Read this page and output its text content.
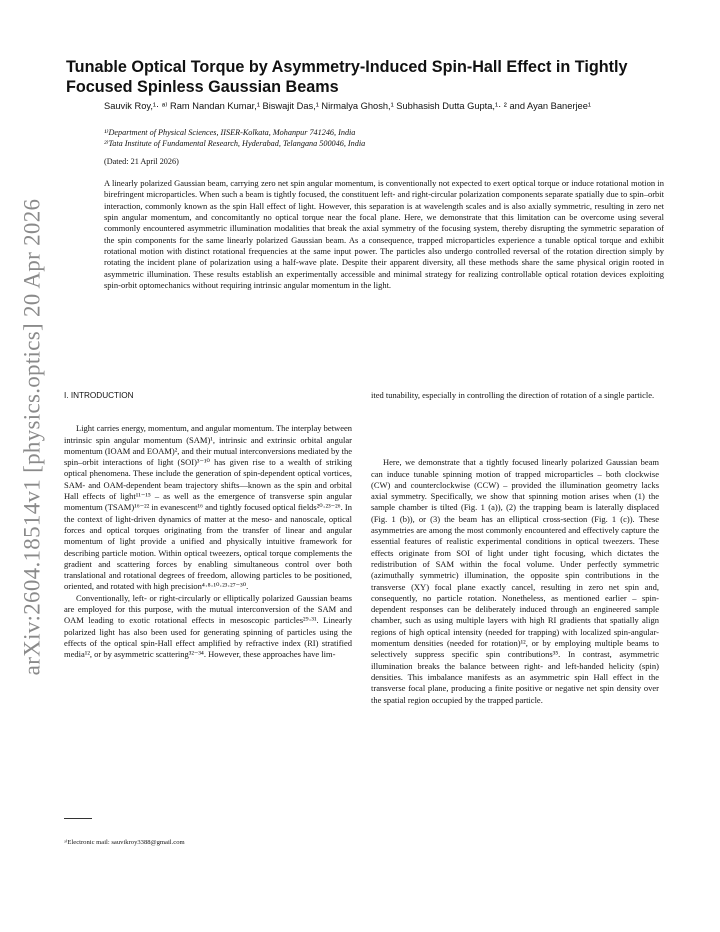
arXiv:2604.18514v1 [physics.optics] 20 Apr 2026
Tunable Optical Torque by Asymmetry-Induced Spin-Hall Effect in Tightly Focused Spinless Gaussian Beams
Sauvik Roy,¹· ᵃ⁾ Ram Nandan Kumar,¹ Biswajit Das,¹ Nirmalya Ghosh,¹ Subhasish Dutta Gupta,¹· ² and Ayan Banerjee¹
¹⁾Department of Physical Sciences, IISER-Kolkata, Mohanpur 741246, India
²⁾Tata Institute of Fundamental Research, Hyderabad, Telangana 500046, India
(Dated: 21 April 2026)

A linearly polarized Gaussian beam, carrying zero net spin angular momentum, is conventionally not expected to exert optical torque or induce rotational motion in birefringent microparticles. When such a beam is tightly focused, the constituent left- and right-circular polarization components separate spatially due to spin–orbit interaction, commonly known as the spin Hall effect of light. However, this separation is at wavelength scales and is also axially symmetric, resulting in zero net spin angular momentum, and concomitantly no optical torque near the focal plane. Here, we demonstrate that this limitation can be overcome using several commonly encountered asymmetric illumination modalities that break the axial symmetry of the focusing system, thereby disrupting the symmetric separation of the spin components for the same linearly polarized Gaussian beam. As a consequence, trapped microparticles experience a tunable optical torque and exhibit rotational motion with distinct rotational frequencies at the same input power. The particles also undergo controlled reversal of the rotation direction simply by rotating the incident plane of polarization using a half-wave plate. Despite their apparent diversity, all these methods share the same physical origin rooted in asymmetric illumination. These results establish an experimentally accessible and minimal strategy for realizing controllable optical rotation devices exploiting spin-orbit optomechanics without requiring intrinsic angular momentum in the light.

I. INTRODUCTION

Light carries energy, momentum, and angular momentum. The interplay between intrinsic spin angular momentum (SAM)¹, intrinsic and extrinsic orbital angular momentum (IOAM and EOAM)², and their mutual interconversions mediated by the spin–orbit interactions of light (SOI)³⁻¹⁰ has given rise to a wealth of striking optical phenomena. These include the generation of spin-dependent optical vortices, SAM- and OAM-dependent beam trajectory shifts—known as the spin and orbital Hall effects of light¹¹⁻¹⁵ – as well as the emergence of transverse spin angular momentum (TSAM)¹⁶⁻²² in evanescent¹⁶ and tightly focused optical fields²⁰·²³⁻²⁶. In the context of light-driven dynamics of matter at the meso- and nanoscale, optical forces and optical torques originating from the transfer of linear and angular momentum of light provide a unified and physically intuitive framework for describing particle motion. Within optical tweezers, optical torque complements the gradient and scattering forces by enabling simultaneous control over both translational and rotational degrees of freedom, allowing particles to be positioned, oriented, and rotated with high precision⁴·⁸·¹⁰·²³·²⁷⁻³⁰.

Conventionally, left- or right-circularly or elliptically polarized Gaussian beams are employed for this purpose, with the mutual interconversion of the SAM and OAM leading to exotic rotational effects in mesoscopic particles²⁹·³¹. Linearly polarized light has also been used for generating spinning of particles using the effects of the optical spin-Hall effect amplified by refractive index (RI) stratified media¹², or by asymmetric scattering³²⁻³⁴. However, these approaches have lim-

ited tunability, especially in controlling the direction of rotation of a single particle.

Here, we demonstrate that a tightly focused linearly polarized Gaussian beam can induce tunable spinning motion of trapped microparticles – both clockwise (CW) and counterclockwise (CCW) – provided the illumination geometry lacks axial symmetry. Specifically, we show that spinning motion arises when (1) the sample chamber is tilted (Fig. 1 (a)), (2) the trapping beam is laterally displaced (Fig. 1 (b)), or (3) the beam has an elliptical cross-section (Fig. 1 (c)). These asymmetries are among the most commonly encountered and effectively capture the essential features of realistic experimental conditions in optical tweezers. These effects originate from SOI of light under tight focusing, which dictates the redistribution of SAM within the focal volume. Under perfectly symmetric (azimuthally symmetric) illumination, the opposite spin contributions in the transverse (XY) focal plane exactly cancel, resulting in zero net spin and, consequently, no particle rotation. Nonetheless, as mentioned earlier – spin-dependent responses can be deliberately induced through an engineered sample chamber, such as using multiple layers with high RI gradients that spatially align regions of high optical intensity (needed for trapping) with localized spin-angular-momentum densities (needed for rotation)¹², or by employing multiple beams to selectively suppress specific spin contributions³⁵. In contrast, asymmetric illumination breaks the balance between right- and left-handed helicity (spin) densities. This imbalance manifests as an asymmetric spin Hall effect in the transverse focal plane, producing a finite positive or negative net spin density over the spatial region occupied by the trapped particle.

ᵃ⁾Electronic mail: sauvikroy3388@gmail.com
